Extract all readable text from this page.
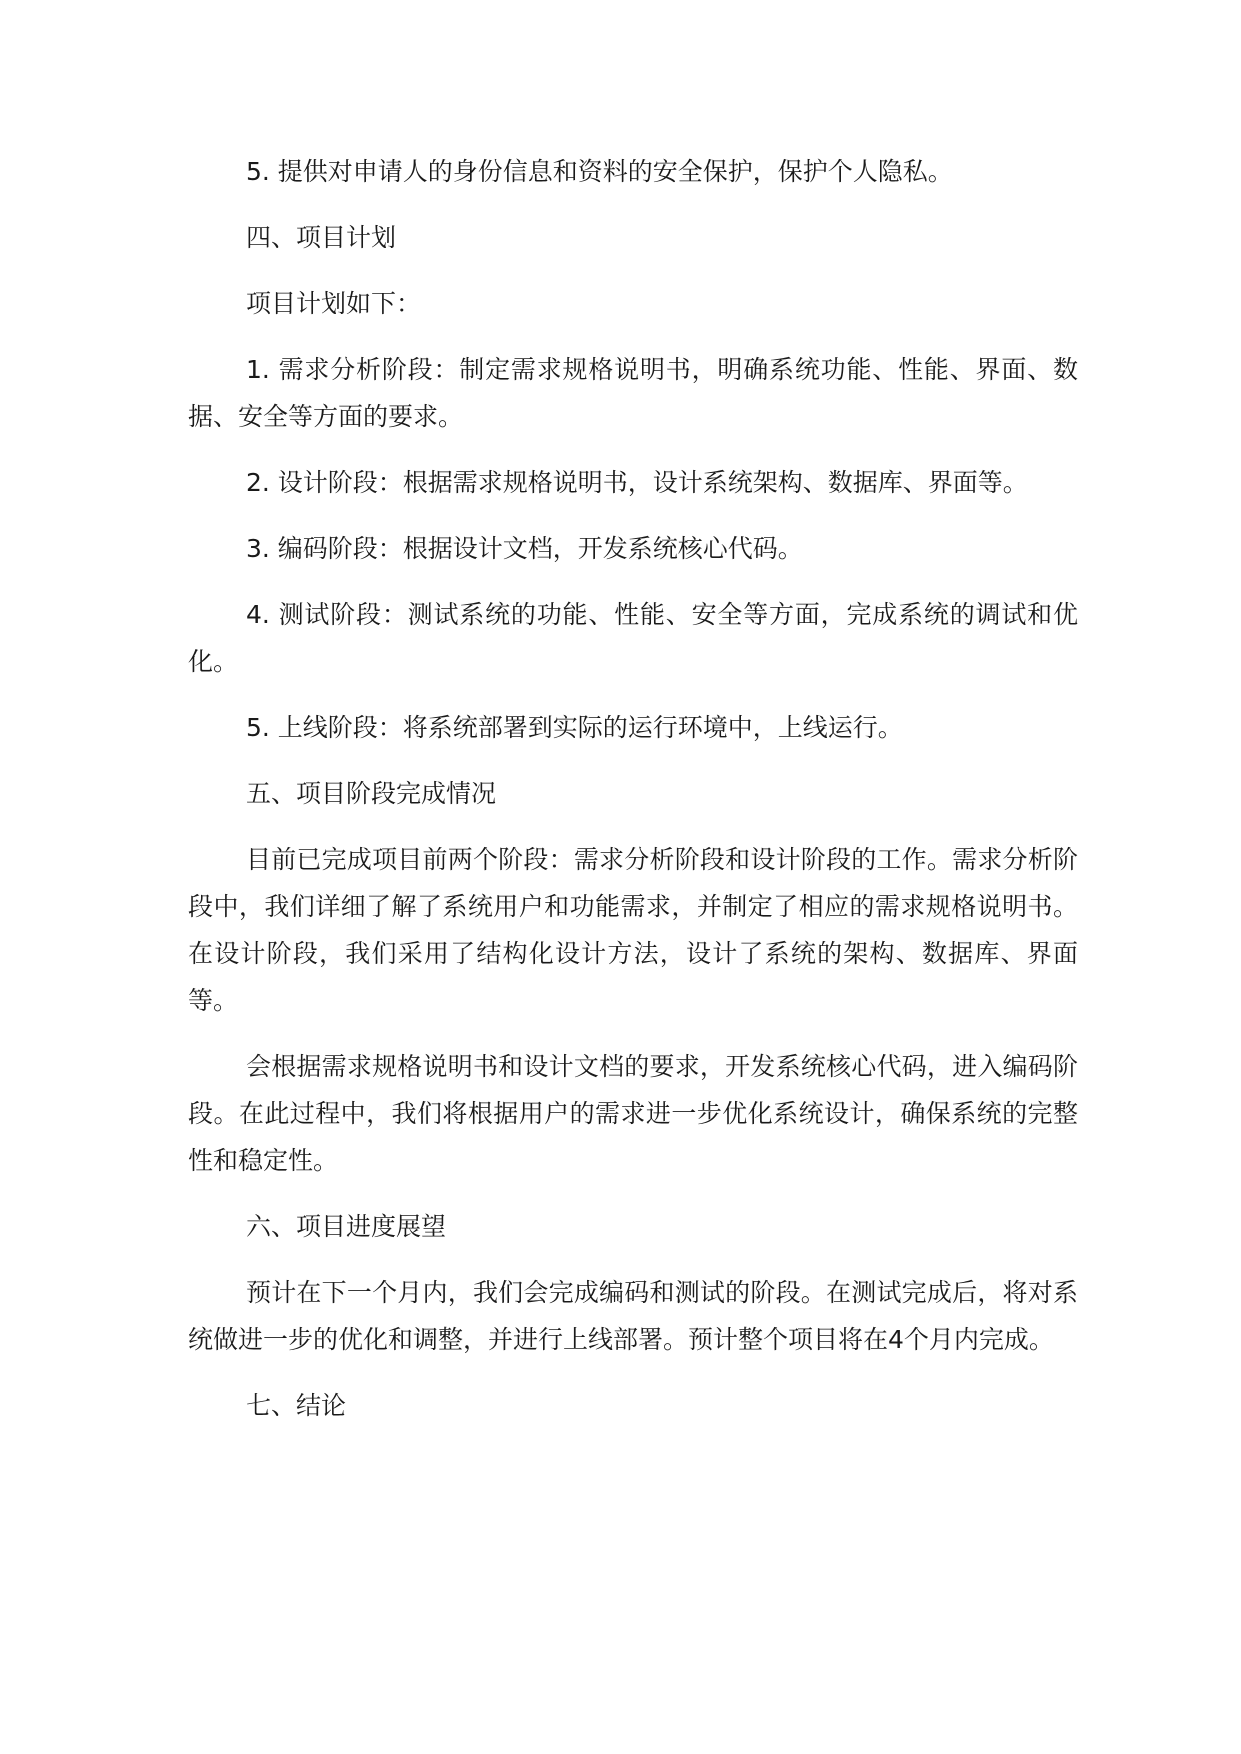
5. 提供对申请人的身份信息和资料的安全保护，保护个人隐私。

四、项目计划

项目计划如下：

1. 需求分析阶段：制定需求规格说明书，明确系统功能、性能、界面、数据、安全等方面的要求。

2. 设计阶段：根据需求规格说明书，设计系统架构、数据库、界面等。

3. 编码阶段：根据设计文档，开发系统核心代码。

4. 测试阶段：测试系统的功能、性能、安全等方面，完成系统的调试和优化。

5. 上线阶段：将系统部署到实际的运行环境中，上线运行。

五、项目阶段完成情况

目前已完成项目前两个阶段：需求分析阶段和设计阶段的工作。需求分析阶段中，我们详细了解了系统用户和功能需求，并制定了相应的需求规格说明书。在设计阶段，我们采用了结构化设计方法，设计了系统的架构、数据库、界面等。

会根据需求规格说明书和设计文档的要求，开发系统核心代码，进入编码阶段。在此过程中，我们将根据用户的需求进一步优化系统设计，确保系统的完整性和稳定性。

六、项目进度展望

预计在下一个月内，我们会完成编码和测试的阶段。在测试完成后，将对系统做进一步的优化和调整，并进行上线部署。预计整个项目将在4个月内完成。

七、结论
